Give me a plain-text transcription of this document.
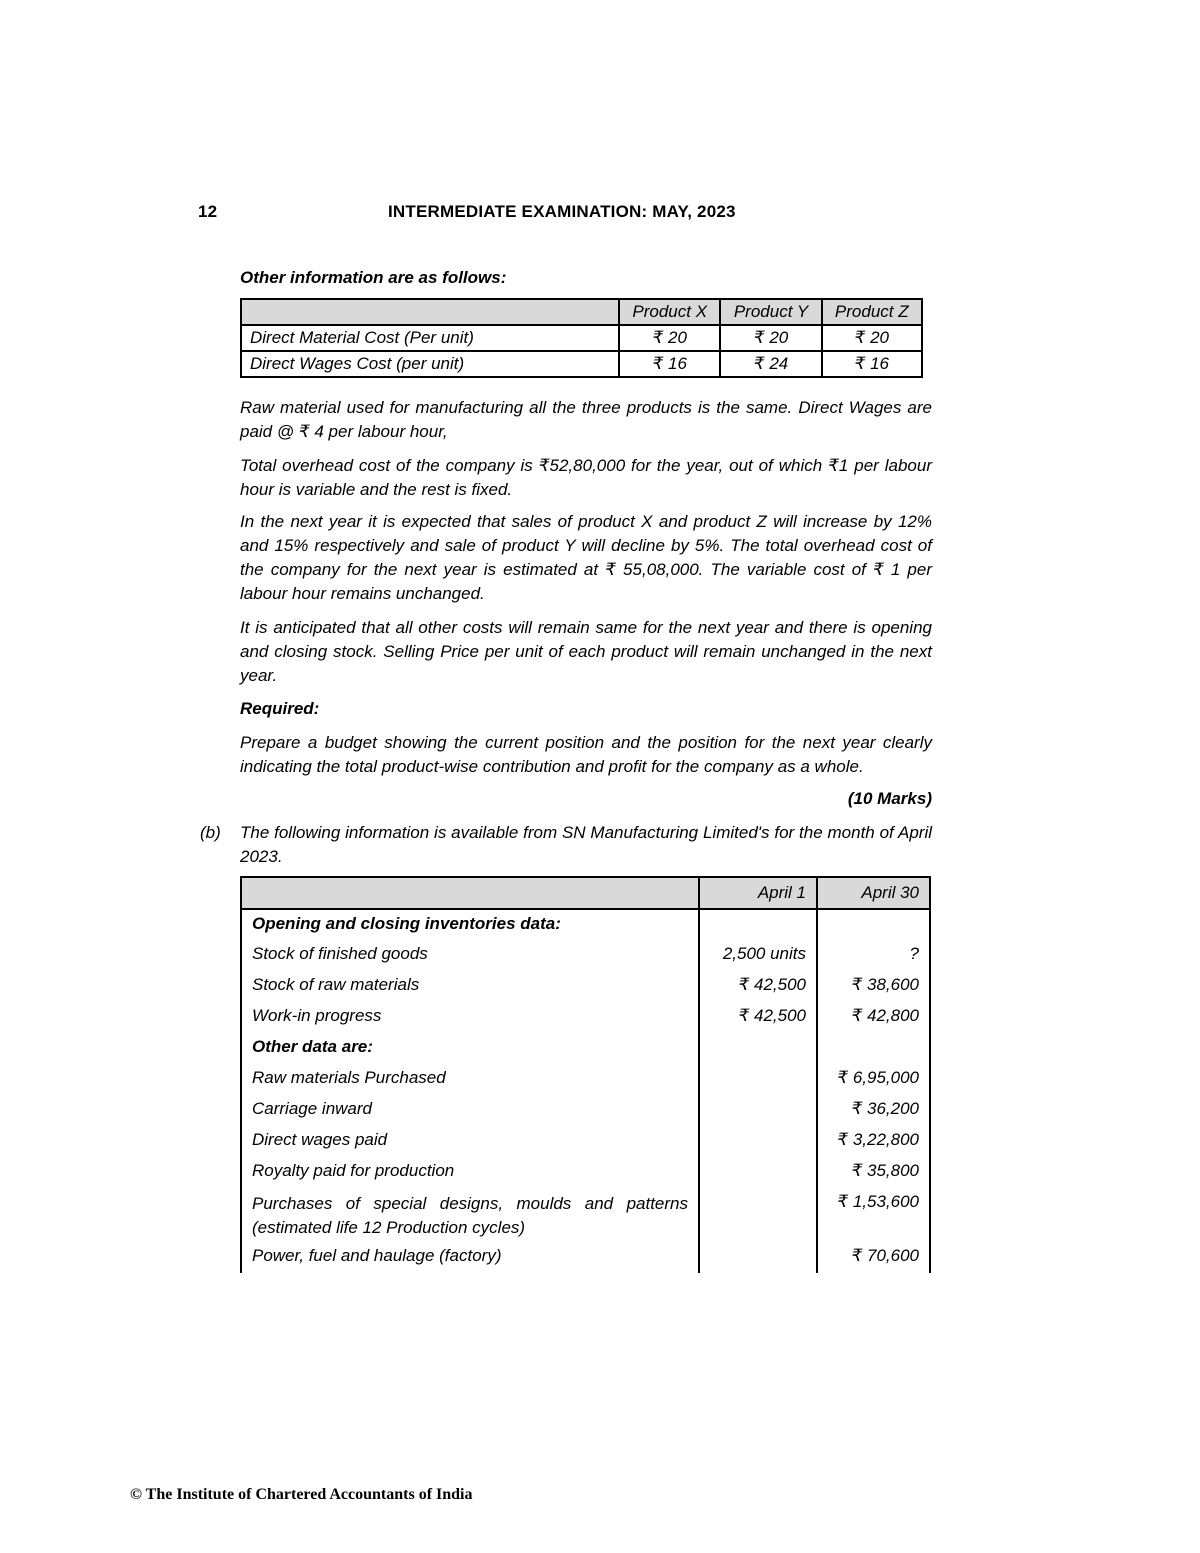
12	INTERMEDIATE EXAMINATION: MAY, 2023
Other information are as follows:
	Product X	Product Y	Product Z
Direct Material Cost (Per unit)	₹ 20	₹ 20	₹ 20
Direct Wages Cost (per unit)	₹ 16	₹ 24	₹ 16
Raw material used for manufacturing all the three products is the same. Direct Wages are paid @ ₹ 4 per labour hour,
Total overhead cost of the company is ₹52,80,000 for the year, out of which ₹1 per labour hour is variable and the rest is fixed.
In the next year it is expected that sales of product X and product Z will increase by 12% and 15% respectively and sale of product Y will decline by 5%. The total overhead cost of the company for the next year is estimated at ₹ 55,08,000. The variable cost of ₹ 1 per labour hour remains unchanged.
It is anticipated that all other costs will remain same for the next year and there is opening and closing stock. Selling Price per unit of each product will remain unchanged in the next year.
Required:
Prepare a budget showing the current position and the position for the next year clearly indicating the total product-wise contribution and profit for the company as a whole.
(10 Marks)
(b) The following information is available from SN Manufacturing Limited's for the month of April 2023.
	April 1	April 30
Opening and closing inventories data:		
Stock of finished goods	2,500 units	?
Stock of raw materials	₹ 42,500	₹ 38,600
Work-in progress	₹ 42,500	₹ 42,800
Other data are:		
Raw materials Purchased		₹ 6,95,000
Carriage inward		₹ 36,200
Direct wages paid		₹ 3,22,800
Royalty paid for production		₹ 35,800
Purchases of special designs, moulds and patterns (estimated life 12 Production cycles)		₹ 1,53,600
Power, fuel and haulage (factory)		₹ 70,600
© The Institute of Chartered Accountants of India
